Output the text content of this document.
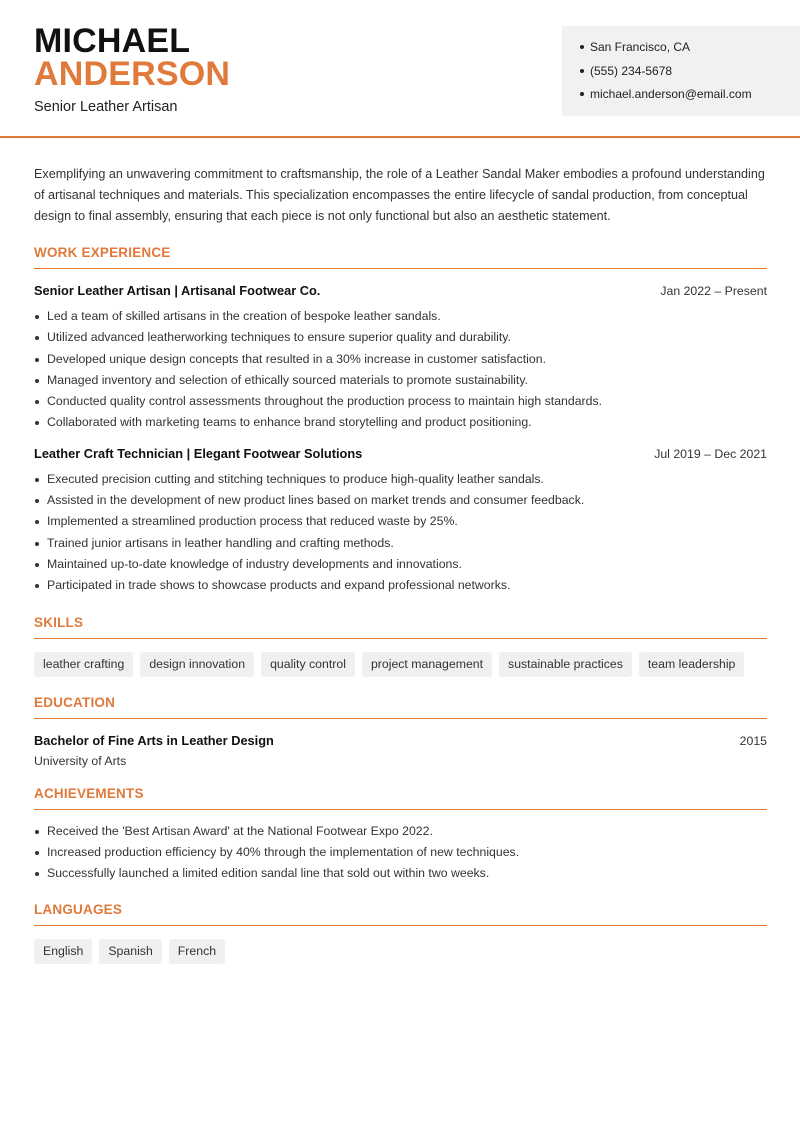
MICHAEL
ANDERSON
Senior Leather Artisan
San Francisco, CA
(555) 234-5678
michael.anderson@email.com

Exemplifying an unwavering commitment to craftsmanship, the role of a Leather Sandal Maker embodies a profound understanding of artisanal techniques and materials. This specialization encompasses the entire lifecycle of sandal production, from conceptual design to final assembly, ensuring that each piece is not only functional but also an aesthetic statement.

WORK EXPERIENCE
Senior Leather Artisan | Artisanal Footwear Co.	Jan 2022 – Present
Led a team of skilled artisans in the creation of bespoke leather sandals.
Utilized advanced leatherworking techniques to ensure superior quality and durability.
Developed unique design concepts that resulted in a 30% increase in customer satisfaction.
Managed inventory and selection of ethically sourced materials to promote sustainability.
Conducted quality control assessments throughout the production process to maintain high standards.
Collaborated with marketing teams to enhance brand storytelling and product positioning.
Leather Craft Technician | Elegant Footwear Solutions	Jul 2019 – Dec 2021
Executed precision cutting and stitching techniques to produce high-quality leather sandals.
Assisted in the development of new product lines based on market trends and consumer feedback.
Implemented a streamlined production process that reduced waste by 25%.
Trained junior artisans in leather handling and crafting methods.
Maintained up-to-date knowledge of industry developments and innovations.
Participated in trade shows to showcase products and expand professional networks.
SKILLS
leather crafting	design innovation	quality control	project management	sustainable practices	team leadership
EDUCATION
Bachelor of Fine Arts in Leather Design	2015
University of Arts
ACHIEVEMENTS
Received the 'Best Artisan Award' at the National Footwear Expo 2022.
Increased production efficiency by 40% through the implementation of new techniques.
Successfully launched a limited edition sandal line that sold out within two weeks.
LANGUAGES
English	Spanish	French
